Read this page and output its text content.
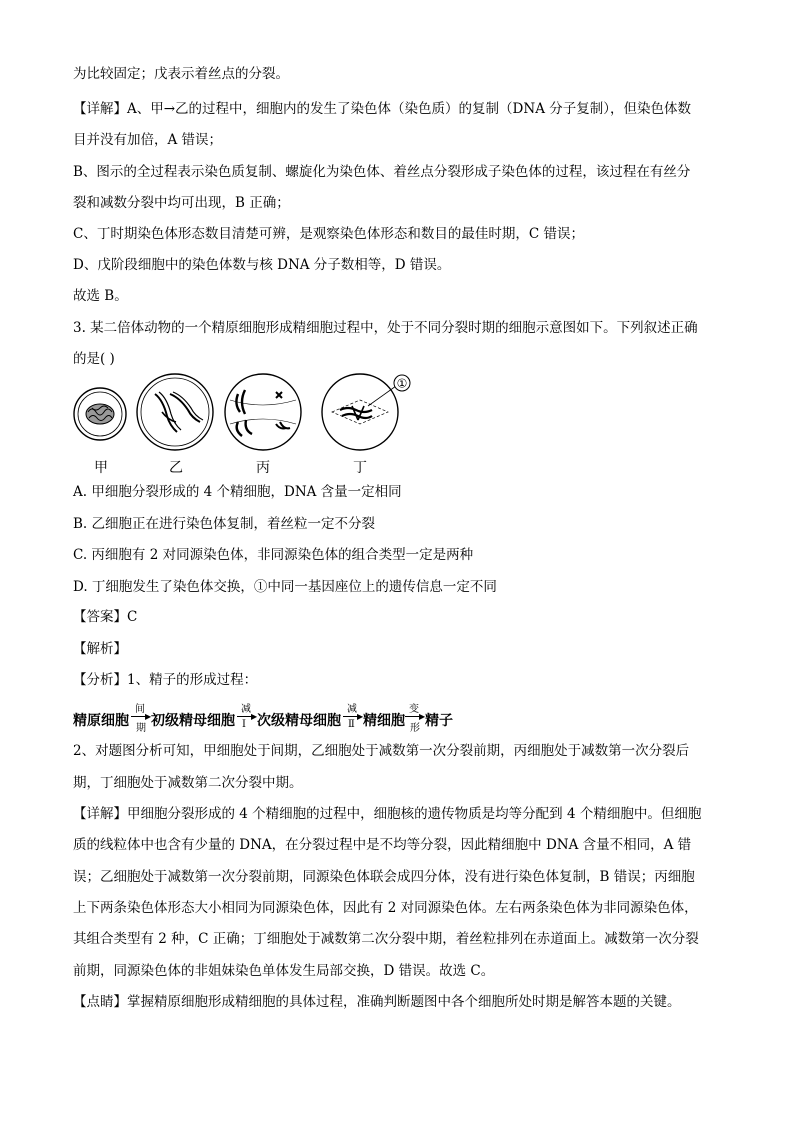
为比较固定；戊表示着丝点的分裂。
【详解】A、甲→乙的过程中，细胞内的发生了染色体（染色质）的复制（DNA 分子复制），但染色体数
目并没有加倍，A 错误；
B、图示的全过程表示染色质复制、螺旋化为染色体、着丝点分裂形成子染色体的过程，该过程在有丝分
裂和减数分裂中均可出现，B 正确；
C、丁时期染色体形态数目清楚可辨，是观察染色体形态和数目的最佳时期，C 错误；
D、戊阶段细胞中的染色体数与核 DNA 分子数相等，D 错误。
故选 B。
3. 某二倍体动物的一个精原细胞形成精细胞过程中，处于不同分裂时期的细胞示意图如下。下列叙述正确
的是( )
①
甲	乙	丙	丁
A. 甲细胞分裂形成的 4 个精细胞，DNA 含量一定相同
B. 乙细胞正在进行染色体复制，着丝粒一定不分裂
C. 丙细胞有 2 对同源染色体，非同源染色体的组合类型一定是两种
D. 丁细胞发生了染色体交换，①中同一基因座位上的遗传信息一定不同
【答案】C
【解析】
【分析】1、精子的形成过程：
精原细胞
间
▶
期 初级精母细胞
减
▶
Ⅰ 次级精母细胞
减
▶
Ⅱ 精细胞
变
▶
形 精子
2、对题图分析可知，甲细胞处于间期，乙细胞处于减数第一次分裂前期，丙细胞处于减数第一次分裂后
期，丁细胞处于减数第二次分裂中期。
【详解】甲细胞分裂形成的 4 个精细胞的过程中，细胞核的遗传物质是均等分配到 4 个精细胞中。但细胞
质的线粒体中也含有少量的 DNA，在分裂过程中是不均等分裂，因此精细胞中 DNA 含量不相同，A 错
误；乙细胞处于减数第一次分裂前期，同源染色体联会成四分体，没有进行染色体复制，B 错误；丙细胞
上下两条染色体形态大小相同为同源染色体，因此有 2 对同源染色体。左右两条染色体为非同源染色体，
其组合类型有 2 种，C 正确；丁细胞处于减数第二次分裂中期，着丝粒排列在赤道面上。减数第一次分裂
前期，同源染色体的非姐妹染色单体发生局部交换，D 错误。故选 C。
【点睛】掌握精原细胞形成精细胞的具体过程，准确判断题图中各个细胞所处时期是解答本题的关键。
